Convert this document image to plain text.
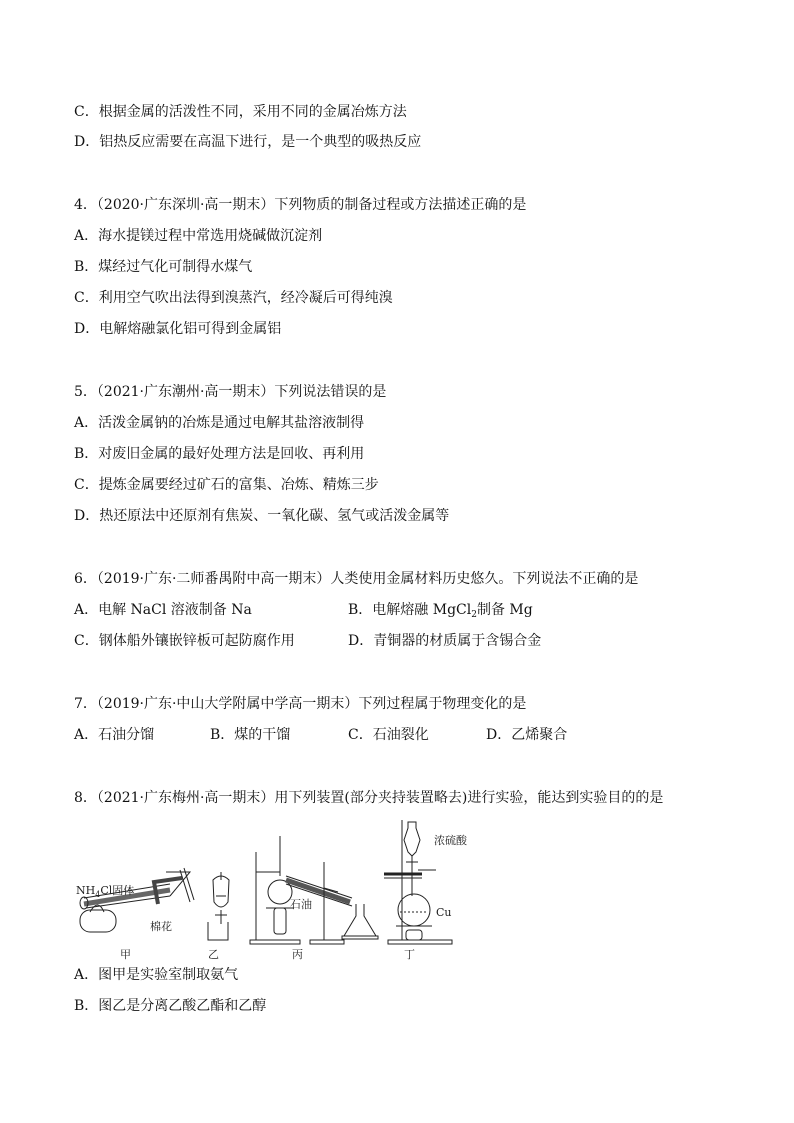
C．根据金属的活泼性不同，采用不同的金属冶炼方法
D．铝热反应需要在高温下进行，是一个典型的吸热反应
4．（2020·广东深圳·高一期末）下列物质的制备过程或方法描述正确的是
A．海水提镁过程中常选用烧碱做沉淀剂
B．煤经过气化可制得水煤气
C．利用空气吹出法得到溴蒸汽，经冷凝后可得纯溴
D．电解熔融氯化铝可得到金属铝
5．（2021·广东潮州·高一期末）下列说法错误的是
A．活泼金属钠的冶炼是通过电解其盐溶液制得
B．对废旧金属的最好处理方法是回收、再利用
C．提炼金属要经过矿石的富集、冶炼、精炼三步
D．热还原法中还原剂有焦炭、一氧化碳、氢气或活泼金属等
6．（2019·广东·二师番禺附中高一期末）人类使用金属材料历史悠久。下列说法不正确的是
A．电解 NaCl 溶液制备 Na	B．电解熔融 MgCl$_2$制备 Mg
C．钢体船外镶嵌锌板可起防腐作用	D．青铜器的材质属于含锡合金
7．（2019·广东·中山大学附属中学高一期末）下列过程属于物理变化的是
A．石油分馏	B．煤的干馏	C．石油裂化	D．乙烯聚合
8．（2021·广东梅州·高一期末）用下列装置(部分夹持装置略去)进行实验，能达到实验目的的是
$NH_4Cl$固体
棉花
石油
浓硫酸
Cu
甲	乙	丙	丁
A．图甲是实验室制取氨气
B．图乙是分离乙酸乙酯和乙醇
